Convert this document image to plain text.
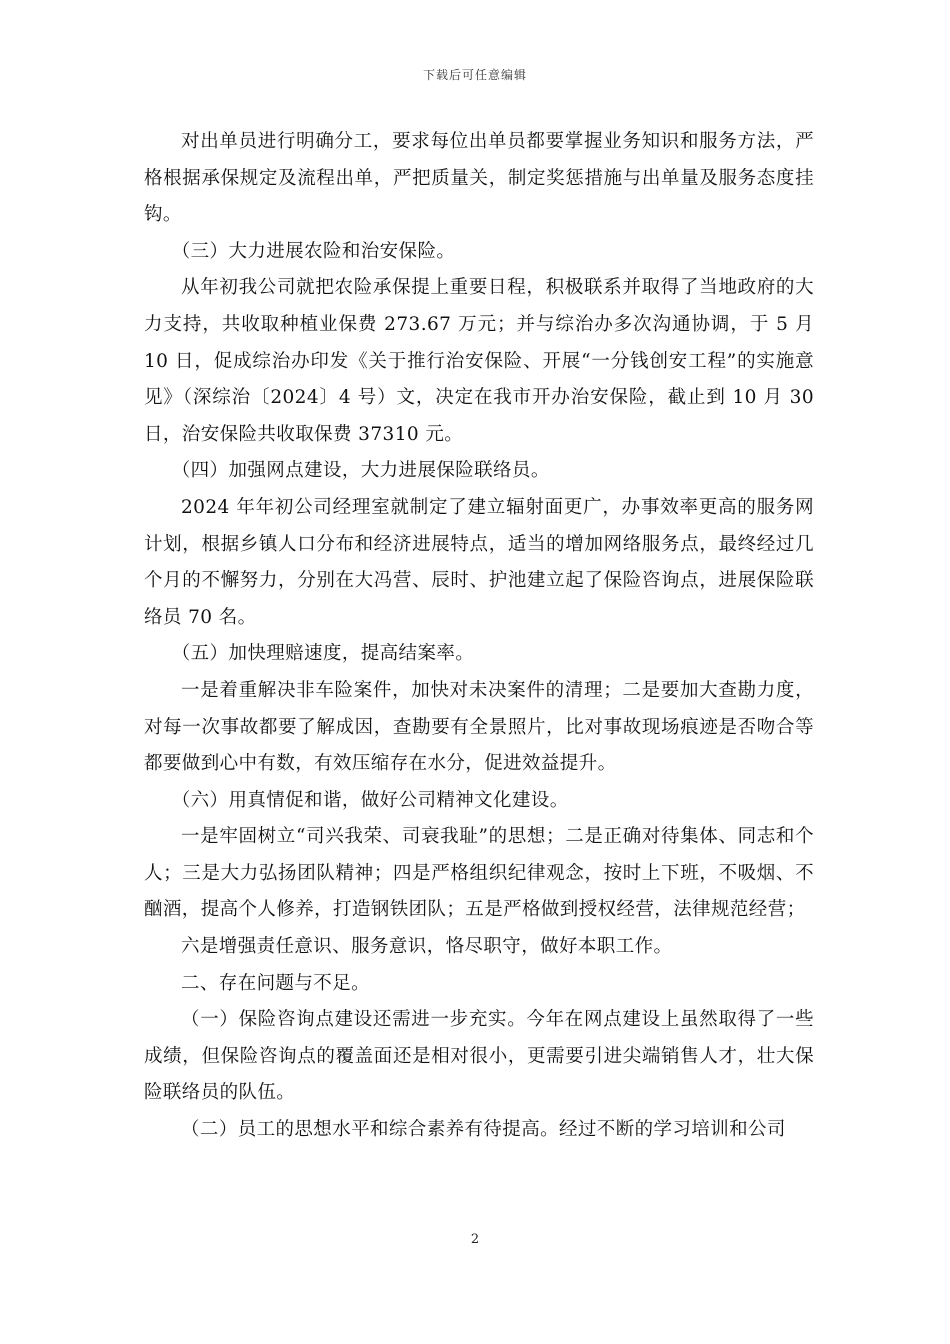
下载后可任意编辑

对出单员进行明确分工，要求每位出单员都要掌握业务知识和服务方法，严格根据承保规定及流程出单，严把质量关，制定奖惩措施与出单量及服务态度挂钩。

（三）大力进展农险和治安保险。

从年初我公司就把农险承保提上重要日程，积极联系并取得了当地政府的大力支持，共收取种植业保费 273.67 万元；并与综治办多次沟通协调，于 5 月 10 日，促成综治办印发《关于推行治安保险、开展“一分钱创安工程”的实施意见》（深综治〔2024〕4 号）文，决定在我市开办治安保险，截止到 10 月 30 日，治安保险共收取保费 37310 元。

（四）加强网点建设，大力进展保险联络员。

2024 年年初公司经理室就制定了建立辐射面更广，办事效率更高的服务网计划，根据乡镇人口分布和经济进展特点，适当的增加网络服务点，最终经过几个月的不懈努力，分别在大冯营、辰时、护池建立起了保险咨询点，进展保险联络员 70 名。

（五）加快理赔速度，提高结案率。

一是着重解决非车险案件，加快对未决案件的清理；二是要加大查勘力度，对每一次事故都要了解成因，查勘要有全景照片，比对事故现场痕迹是否吻合等都要做到心中有数，有效压缩存在水分，促进效益提升。

（六）用真情促和谐，做好公司精神文化建设。

一是牢固树立“司兴我荣、司衰我耻”的思想；二是正确对待集体、同志和个人；三是大力弘扬团队精神；四是严格组织纪律观念，按时上下班，不吸烟、不酗酒，提高个人修养，打造钢铁团队；五是严格做到授权经营，法律规范经营；

六是增强责任意识、服务意识，恪尽职守，做好本职工作。

二、存在问题与不足。

（一）保险咨询点建设还需进一步充实。今年在网点建设上虽然取得了一些成绩，但保险咨询点的覆盖面还是相对很小，更需要引进尖端销售人才，壮大保险联络员的队伍。

（二）员工的思想水平和综合素养有待提高。经过不断的学习培训和公司

2
